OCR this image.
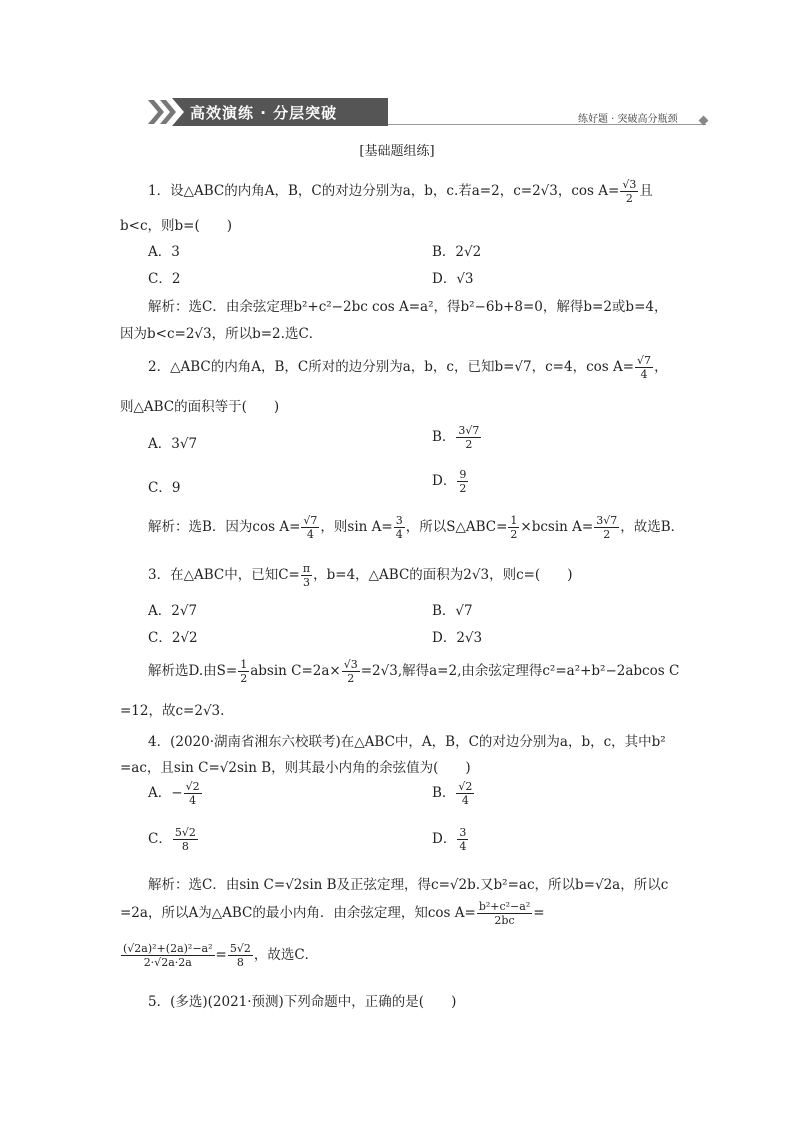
高效演练 · 分层突破	练好题 · 突破高分瓶颈
[基础题组练]
1．设△ABC的内角A，B，C的对边分别为a，b，c.若a=2，c=2√3，$\cos A= \frac{√3}{2}$ 且
b<c，则b=(　　)
A．3	B．2√2
C．2	D．√3
解析：选C．由余弦定理b²+c²−2bc cos A=a²，得b²−6b+8=0，解得b=2或b=4，
因为b<c=2√3，所以b=2.选C．
2．△ABC的内角A，B，C所对的边分别为a，b，c，已知b=√7，c=4，$\cos A= \frac{√7}{4}$ ，
则△ABC的面积等于(　　)
A．3√7	B． $\frac{3√7}{2}$
C．9	D． $\frac{9}{2}$
解析：选B．因为$\cos A= \frac{√7}{4}$ ，则$\sin A= \frac{3}{4}$ ，所以S△ABC= $\frac{1}{2} \times bcsin$ $A= \frac{3√7}{2}$ ，故选B．
3．在△ABC中，已知$C= \frac{\pi}{3}$ ，b=4，△ABC的面积为2√3，则c=(　　)
A．2√7	B．√7
C．2√2	D．2√3
解析选D.由$S= \frac{1}{2}$ absin $C=2a\times \frac{√3}{2} =2√3$,解得a=2,由余弦定理得c²=a²+b²−2abcos C
=12，故c=2√3.
4．(2020·湖南省湘东六校联考)在△ABC中，A，B，C的对边分别为a，b，c，其中b²
=ac，且sin C=√2sin B，则其最小内角的余弦值为(　　)
A．− $\frac{√2}{4}$	B． $\frac{√2}{4}$
C． $\frac{5√2}{8}$	D． $\frac{3}{4}$
解析：选C．由sin C=√2sin B及正弦定理，得c=√2b.又b²=ac，所以b=√2a，所以c
=2a，所以A为△ABC的最小内角．由余弦定理，知$\cos A= \frac{\text{b²+c²−a²}}{2bc}$ =
$\frac{\text{(√2a)²+(2a)²−a²}}{2\cdot√2a\cdot 2a} = \frac{5√2}{8}$ ，故选C．
5．(多选)(2021·预测)下列命题中，正确的是(　　)
